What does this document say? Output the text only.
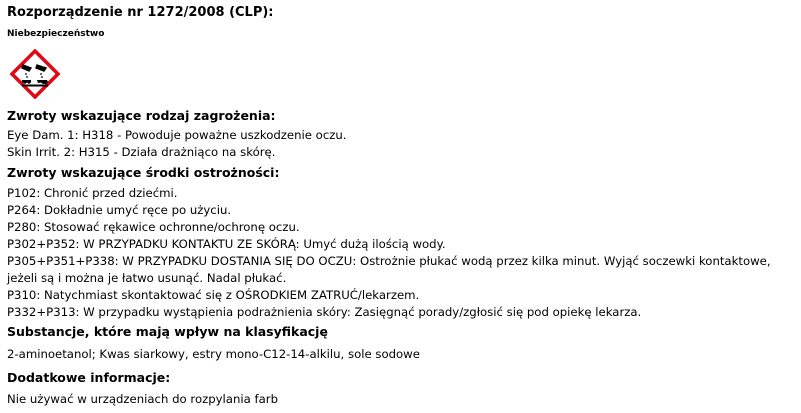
Rozporządzenie nr 1272/2008 (CLP):
Niebezpieczeństwo
Zwroty wskazujące rodzaj zagrożenia:
Eye Dam. 1: H318 - Powoduje poważne uszkodzenie oczu.
Skin Irrit. 2: H315 - Działa drażniąco na skórę.
Zwroty wskazujące środki ostrożności:
P102: Chronić przed dziećmi.
P264: Dokładnie umyć ręce po użyciu.
P280: Stosować rękawice ochronne/ochronę oczu.
P302+P352: W PRZYPADKU KONTAKTU ZE SKÓRĄ: Umyć dużą ilością wody.
P305+P351+P338: W PRZYPADKU DOSTANIA SIĘ DO OCZU: Ostrożnie płukać wodą przez kilka minut. Wyjąć soczewki kontaktowe, jeżeli są i można je łatwo usunąć. Nadal płukać.
P310: Natychmiast skontaktować się z OŚRODKIEM ZATRUĆ/lekarzem.
P332+P313: W przypadku wystąpienia podrażnienia skóry: Zasięgnąć porady/zgłosić się pod opiekę lekarza.
Substancje, które mają wpływ na klasyfikację
2-aminoetanol; Kwas siarkowy, estry mono-C12-14-alkilu, sole sodowe
Dodatkowe informacje:
Nie używać w urządzeniach do rozpylania farb
